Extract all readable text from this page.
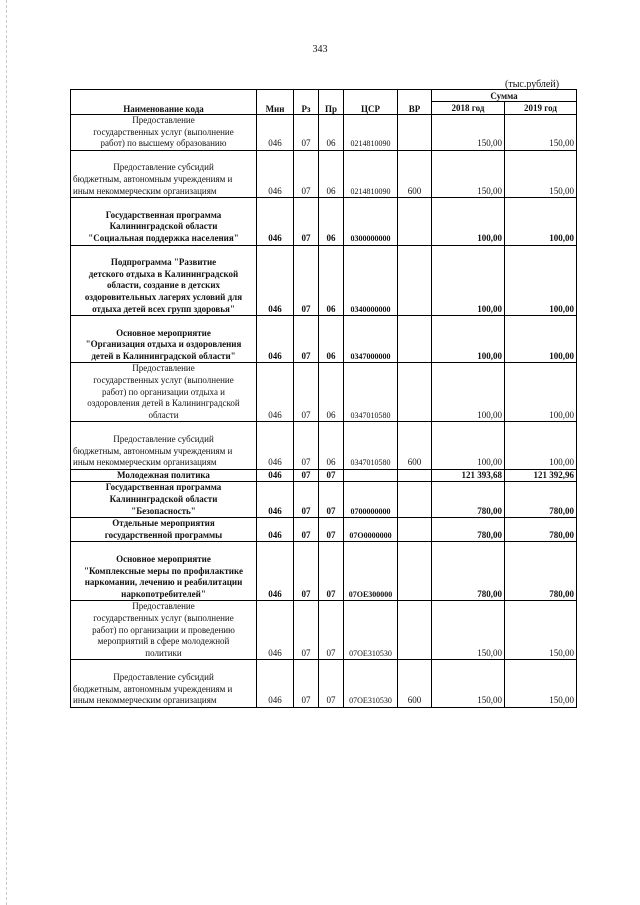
343
(тыс.рублей)
Наименование кода	Мин	Рз	Пр	ЦСР	ВР	Сумма	
						2018 год	2019 год

Предоставление
государственных услуг (выполнение
работ) по высшему образованию	046	07	06	0214810090		150,00	150,00

Предоставление субсидий
бюджетным, автономным учреждениям и
иным некоммерческим организациям	046	07	06	0214810090	600	150,00	150,00

Государственная программа
Калининградской области
"Социальная поддержка населения"	046	07	06	0300000000		100,00	100,00

Подпрограмма "Развитие
детского отдыха в Калининградской
области, создание в детских
оздоровительных лагерях условий для
отдыха детей всех групп здоровья"	046	07	06	0340000000		100,00	100,00

Основное мероприятие
"Организация отдыха и оздоровления
детей в Калининградской области"	046	07	06	0347000000		100,00	100,00

Предоставление
государственных услуг (выполнение
работ) по организации отдыха и
оздоровления детей в Калининградской
области	046	07	06	0347010580		100,00	100,00

Предоставление субсидий
бюджетным, автономным учреждениям и
иным некоммерческим организациям	046	07	06	0347010580	600	100,00	100,00

Молодежная политика	046	07	07			121 393,68	121 392,96

Государственная программа
Калининградской области
"Безопасность"	046	07	07	0700000000		780,00	780,00

Отдельные мероприятия
государственной программы	046	07	07	07О0000000		780,00	780,00

Основное мероприятие
"Комплексные меры по профилактике
наркомании, лечению и реабилитации
наркопотребителей"	046	07	07	07ОЕ300000		780,00	780,00

Предоставление
государственных услуг (выполнение
работ) по организации и проведению
мероприятий в сфере молодежной
политики	046	07	07	07ОЕ310530		150,00	150,00

Предоставление субсидий
бюджетным, автономным учреждениям и
иным некоммерческим организациям	046	07	07	07ОЕ310530	600	150,00	150,00
